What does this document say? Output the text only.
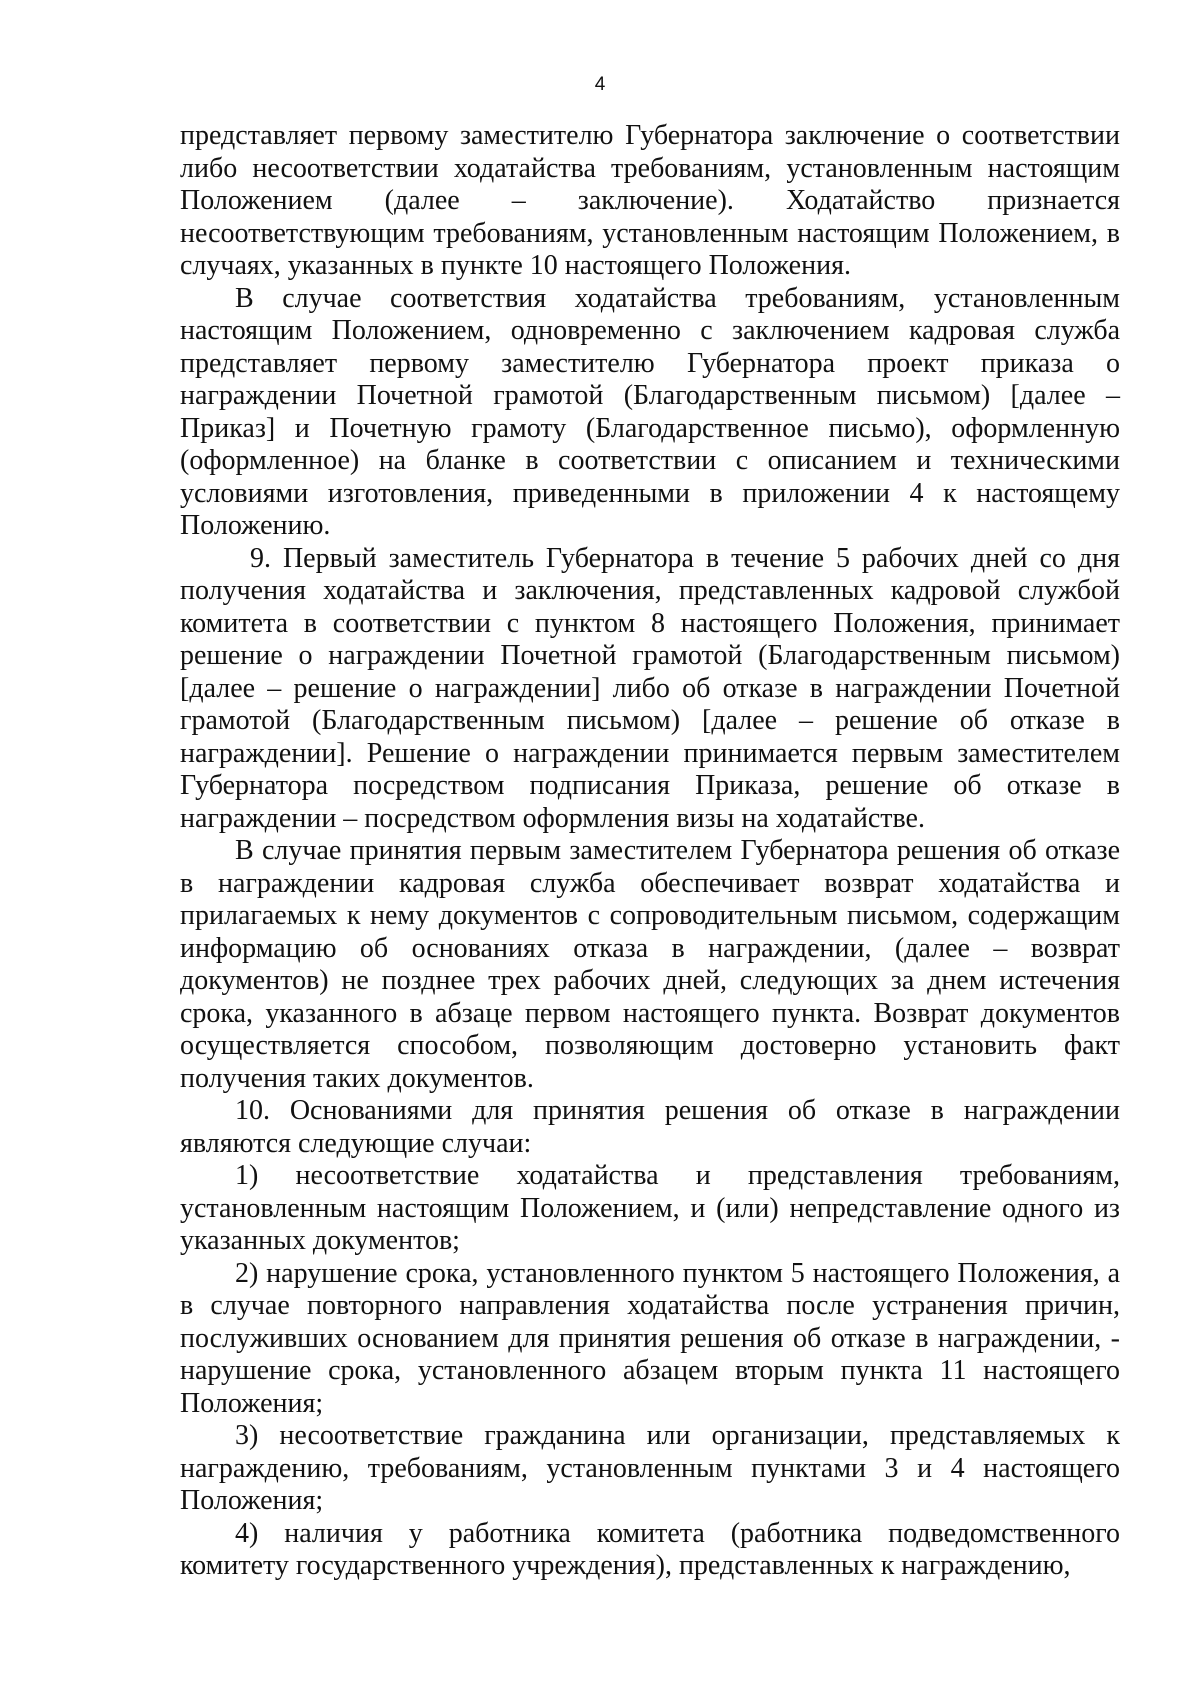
4

представляет первому заместителю Губернатора заключение о соответствии либо несоответствии ходатайства требованиям, установленным настоящим Положением (далее – заключение). Ходатайство признается несоответствующим требованиям, установленным настоящим Положением, в случаях, указанных в пункте 10 настоящего Положения.

В случае соответствия ходатайства требованиям, установленным настоящим Положением, одновременно с заключением кадровая служба представляет первому заместителю Губернатора проект приказа о награждении Почетной грамотой (Благодарственным письмом) [далее – Приказ] и Почетную грамоту (Благодарственное письмо), оформленную (оформленное) на бланке в соответствии с описанием и техническими условиями изготовления, приведенными в приложении 4 к настоящему Положению.

9. Первый заместитель Губернатора в течение 5 рабочих дней со дня получения ходатайства и заключения, представленных кадровой службой комитета в соответствии с пунктом 8 настоящего Положения, принимает решение о награждении Почетной грамотой (Благодарственным письмом) [далее – решение о награждении] либо об отказе в награждении Почетной грамотой (Благодарственным письмом) [далее – решение об отказе в награждении]. Решение о награждении принимается первым заместителем Губернатора посредством подписания Приказа, решение об отказе в награждении – посредством оформления визы на ходатайстве.

В случае принятия первым заместителем Губернатора решения об отказе в награждении кадровая служба обеспечивает возврат ходатайства и прилагаемых к нему документов с сопроводительным письмом, содержащим информацию об основаниях отказа в награждении, (далее – возврат документов) не позднее трех рабочих дней, следующих за днем истечения срока, указанного в абзаце первом настоящего пункта. Возврат документов осуществляется способом, позволяющим достоверно установить факт получения таких документов.

10. Основаниями для принятия решения об отказе в награждении являются следующие случаи:

1) несоответствие ходатайства и представления требованиям, установленным настоящим Положением, и (или) непредставление одного из указанных документов;

2) нарушение срока, установленного пунктом 5 настоящего Положения, а в случае повторного направления ходатайства после устранения причин, послуживших основанием для принятия решения об отказе в награждении, - нарушение срока, установленного абзацем вторым пункта 11 настоящего Положения;

3) несоответствие гражданина или организации, представляемых к награждению, требованиям, установленным пунктами 3 и 4 настоящего Положения;

4) наличия у работника комитета (работника подведомственного комитету государственного учреждения), представленных к награждению,
